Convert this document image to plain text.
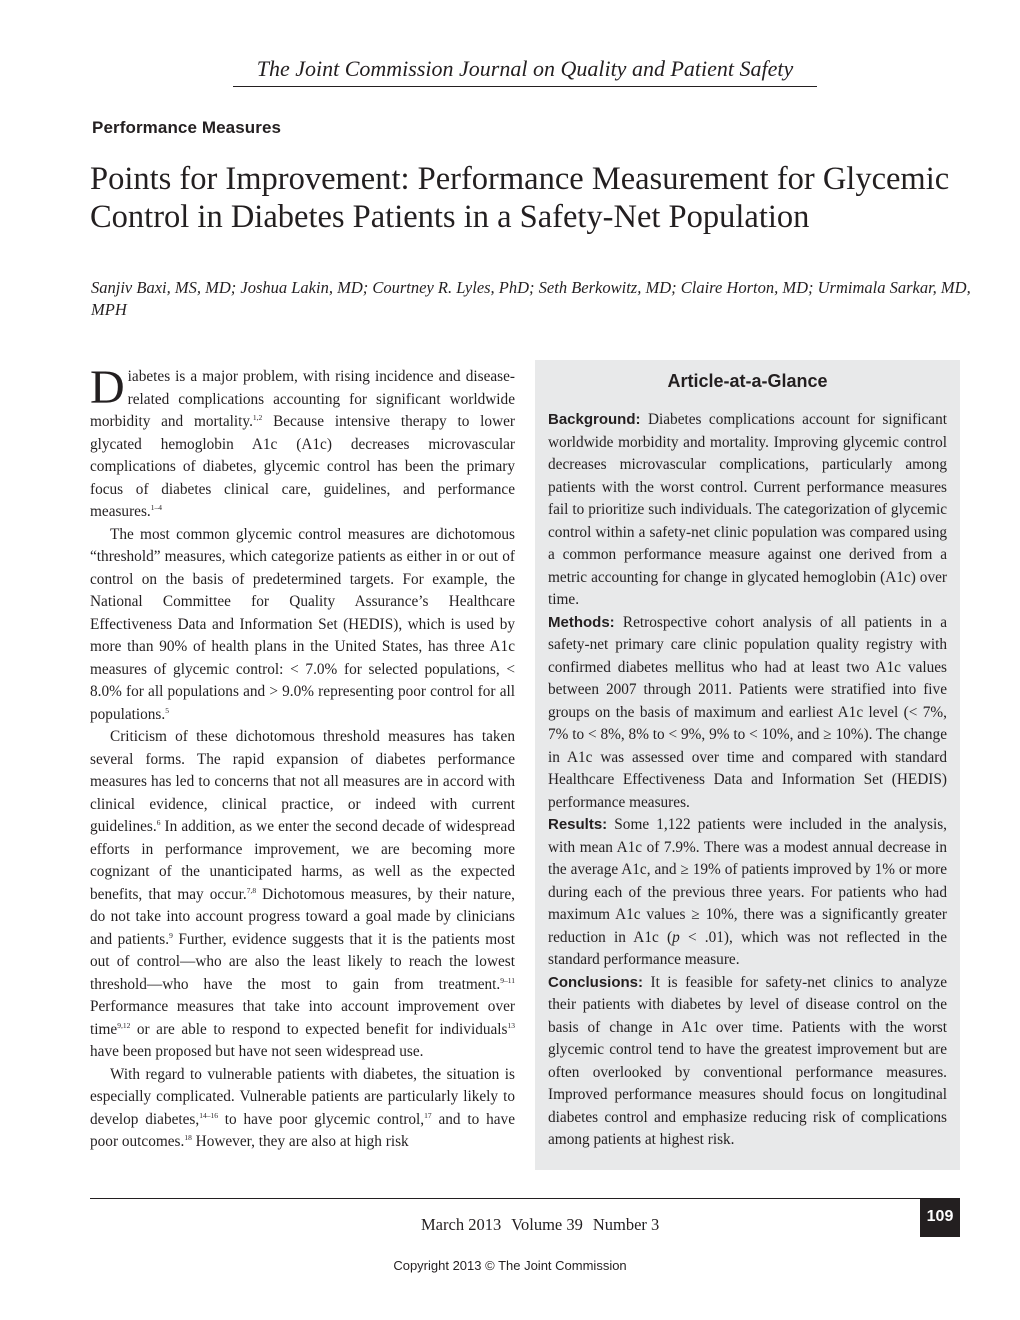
The Joint Commission Journal on Quality and Patient Safety
Performance Measures
Points for Improvement: Performance Measurement for Glycemic Control in Diabetes Patients in a Safety-Net Population
Sanjiv Baxi, MS, MD; Joshua Lakin, MD; Courtney R. Lyles, PhD; Seth Berkowitz, MD; Claire Horton, MD; Urmimala Sarkar, MD, MPH

Diabetes is a major problem, with rising incidence and disease-related complications accounting for significant worldwide morbidity and mortality.$^{1,2}$ Because intensive therapy to lower glycated hemoglobin A1c (A1c) decreases microvascular complications of diabetes, glycemic control has been the primary focus of diabetes clinical care, guidelines, and performance measures.$^{1-4}$

The most common glycemic control measures are dichotomous “threshold” measures, which categorize patients as either in or out of control on the basis of predetermined targets. For example, the National Committee for Quality Assurance’s Healthcare Effectiveness Data and Information Set (HEDIS), which is used by more than 90% of health plans in the United States, has three A1c measures of glycemic control: < 7.0% for selected populations, < 8.0% for all populations and > 9.0% representing poor control for all populations.$^5$

Criticism of these dichotomous threshold measures has taken several forms. The rapid expansion of diabetes performance measures has led to concerns that not all measures are in accord with clinical evidence, clinical practice, or indeed with current guidelines.$^6$ In addition, as we enter the second decade of widespread efforts in performance improvement, we are becoming more cognizant of the unanticipated harms, as well as the expected benefits, that may occur.$^{7,8}$ Dichotomous measures, by their nature, do not take into account progress toward a goal made by clinicians and patients.$^9$ Further, evidence suggests that it is the patients most out of control—who are also the least likely to reach the lowest threshold—who have the most to gain from treatment.$^{9-11}$ Performance measures that take into account improvement over time$^{9,12}$ or are able to respond to expected benefit for individuals$^{13}$ have been proposed but have not seen widespread use.

With regard to vulnerable patients with diabetes, the situation is especially complicated. Vulnerable patients are particularly likely to develop diabetes,$^{14-16}$ to have poor glycemic control,$^{17}$ and to have poor outcomes.$^{18}$ However, they are also at high risk

Article-at-a-Glance

Background: Diabetes complications account for significant worldwide morbidity and mortality. Improving glycemic control decreases microvascular complications, particularly among patients with the worst control. Current performance measures fail to prioritize such individuals. The categorization of glycemic control within a safety-net clinic population was compared using a common performance measure against one derived from a metric accounting for change in glycated hemoglobin (A1c) over time.

Methods: Retrospective cohort analysis of all patients in a safety-net primary care clinic population quality registry with confirmed diabetes mellitus who had at least two A1c values between 2007 through 2011. Patients were stratified into five groups on the basis of maximum and earliest A1c level (< 7%, 7% to < 8%, 8% to < 9%, 9% to < 10%, and ≥ 10%). The change in A1c was assessed over time and compared with standard Healthcare Effectiveness Data and Information Set (HEDIS) performance measures.

Results: Some 1,122 patients were included in the analysis, with mean A1c of 7.9%. There was a modest annual decrease in the average A1c, and ≥ 19% of patients improved by 1% or more during each of the previous three years. For patients who had maximum A1c values ≥ 10%, there was a significantly greater reduction in A1c (p < .01), which was not reflected in the standard performance measure.

Conclusions: It is feasible for safety-net clinics to analyze their patients with diabetes by level of disease control on the basis of change in A1c over time. Patients with the worst glycemic control tend to have the greatest improvement but are often overlooked by conventional performance measures. Improved performance measures should focus on longitudinal diabetes control and emphasize reducing risk of complications among patients at highest risk.

109
March 2013 Volume 39 Number 3
Copyright 2013 © The Joint Commission
